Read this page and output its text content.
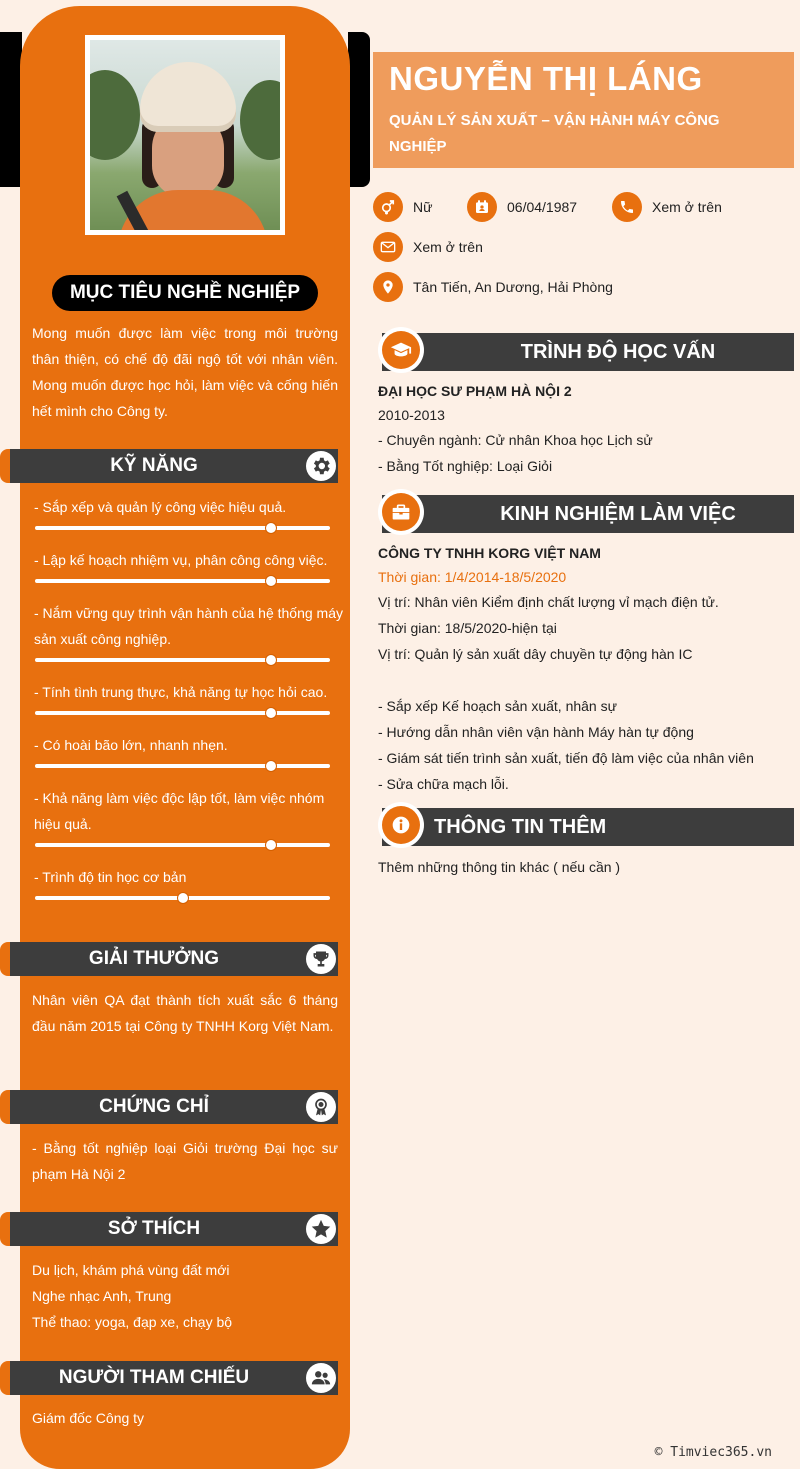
MỤC TIÊU NGHỀ NGHIỆP

Mong muốn được làm việc trong môi trường thân thiện, có chế độ đãi ngộ tốt với nhân viên. Mong muốn được học hỏi, làm việc và cống hiến hết mình cho Công ty.

KỸ NĂNG
- Sắp xếp và quản lý công việc hiệu quả.
- Lập kế hoạch nhiệm vụ, phân công công việc.
- Nắm vững quy trình vận hành của hệ thống máy sản xuất công nghiệp.
- Tính tình trung thực, khả năng tự học hỏi cao.
- Có hoài bão lớn, nhanh nhẹn.
- Khả năng làm việc độc lập tốt, làm việc nhóm hiệu quả.
- Trình độ tin học cơ bản
GIẢI THƯỞNG

Nhân viên QA đạt thành tích xuất sắc 6 tháng đầu năm 2015 tại Công ty TNHH Korg Việt Nam.

CHỨNG CHỈ

- Bằng tốt nghiệp loại Giỏi trường Đại học sư phạm Hà Nội 2

SỞ THÍCH

Du lịch, khám phá vùng đất mới

Nghe nhạc Anh, Trung

Thể thao: yoga, đạp xe, chạy bộ

NGƯỜI THAM CHIẾU

Giám đốc Công ty

NGUYỄN THỊ LÁNG
QUẢN LÝ SẢN XUẤT – VẬN HÀNH MÁY CÔNG NGHIỆP
Nữ	06/04/1987	Xem ở trên
Xem ở trên
Tân Tiến, An Dương, Hải Phòng
TRÌNH ĐỘ HỌC VẤN

ĐẠI HỌC SƯ PHẠM HÀ NỘI 2

2010-2013

- Chuyên ngành: Cử nhân Khoa học Lịch sử

- Bằng Tốt nghiệp: Loại Giỏi

KINH NGHIỆM LÀM VIỆC

CÔNG TY TNHH KORG VIỆT NAM

Thời gian: 1/4/2014-18/5/2020

Vị trí: Nhân viên Kiểm định chất lượng vỉ mạch điện tử.

Thời gian: 18/5/2020-hiện tại

Vị trí: Quản lý sản xuất dây chuyền tự động hàn IC

- Sắp xếp Kế hoạch sản xuất, nhân sự

- Hướng dẫn nhân viên vận hành Máy hàn tự động

- Giám sát tiến trình sản xuất, tiến độ làm việc của nhân viên

- Sửa chữa mạch lỗi.

THÔNG TIN THÊM

Thêm những thông tin khác ( nếu cần )

© Timviec365.vn
